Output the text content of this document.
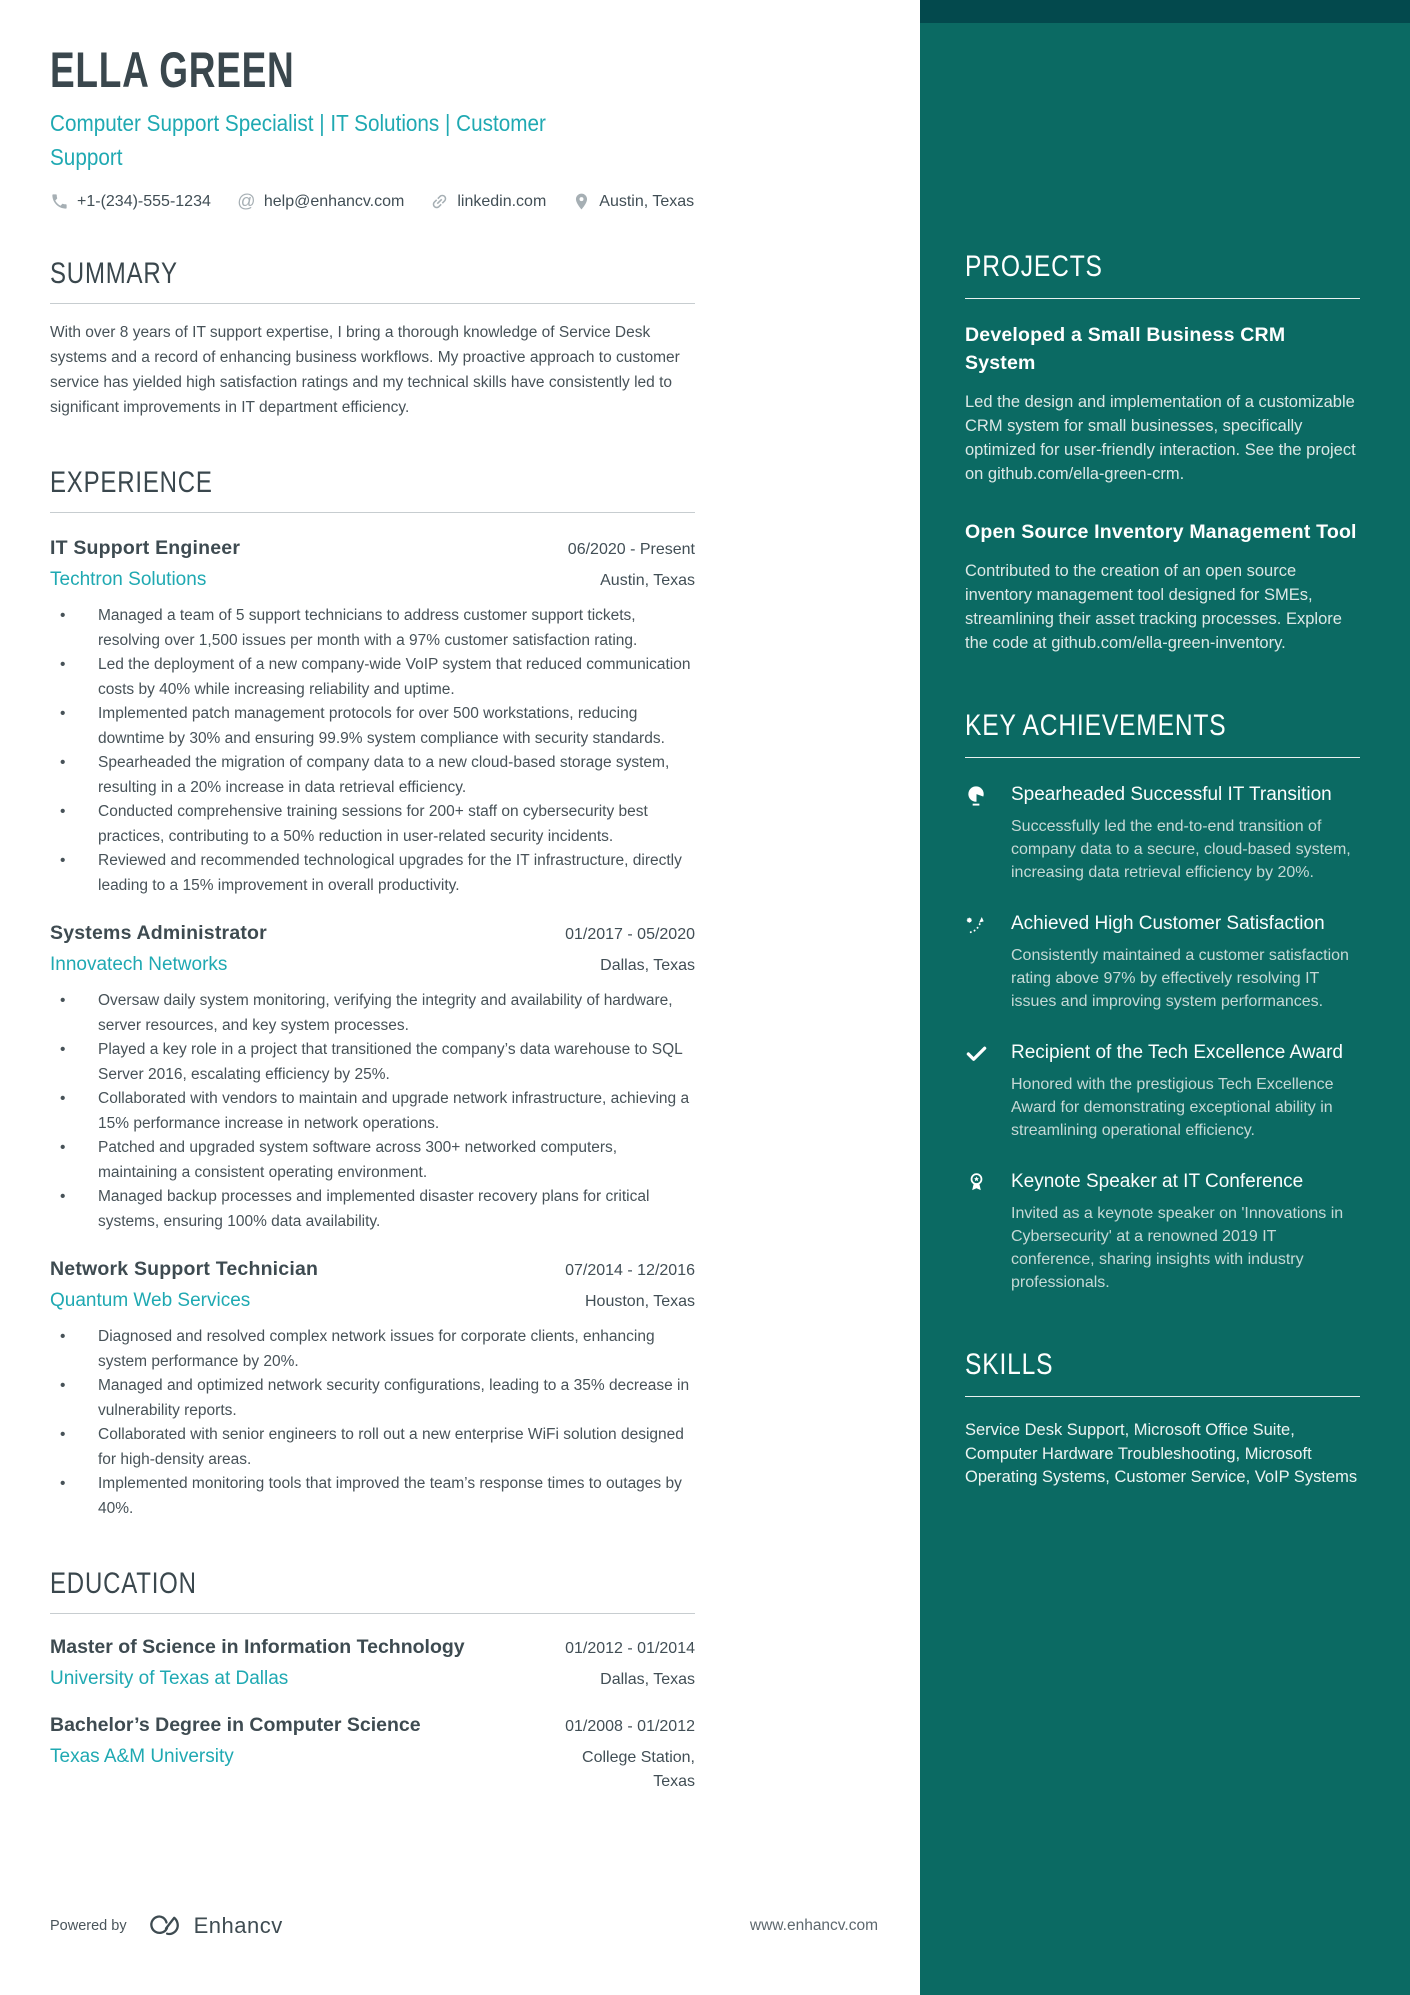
ELLA GREEN
Computer Support Specialist | IT Solutions | Customer Support
+1-(234)-555-1234 @ help@enhancv.com	linkedin.com	Austin, Texas
SUMMARY

With over 8 years of IT support expertise, I bring a thorough knowledge of Service Desk systems and a record of enhancing business workflows. My proactive approach to customer service has yielded high satisfaction ratings and my technical skills have consistently led to significant improvements in IT department efficiency.

EXPERIENCE
IT Support Engineer	06/2020 - Present
Techtron Solutions	Austin, Texas
• Managed a team of 5 support technicians to address customer support tickets, resolving over 1,500 issues per month with a 97% customer satisfaction rating.
• Led the deployment of a new company-wide VoIP system that reduced communication costs by 40% while increasing reliability and uptime.
• Implemented patch management protocols for over 500 workstations, reducing downtime by 30% and ensuring 99.9% system compliance with security standards.
• Spearheaded the migration of company data to a new cloud-based storage system, resulting in a 20% increase in data retrieval efficiency.
• Conducted comprehensive training sessions for 200+ staff on cybersecurity best practices, contributing to a 50% reduction in user-related security incidents.
• Reviewed and recommended technological upgrades for the IT infrastructure, directly leading to a 15% improvement in overall productivity.
Systems Administrator	01/2017 - 05/2020
Innovatech Networks	Dallas, Texas
• Oversaw daily system monitoring, verifying the integrity and availability of hardware, server resources, and key system processes.
• Played a key role in a project that transitioned the company’s data warehouse to SQL Server 2016, escalating efficiency by 25%.
• Collaborated with vendors to maintain and upgrade network infrastructure, achieving a 15% performance increase in network operations.
• Patched and upgraded system software across 300+ networked computers, maintaining a consistent operating environment.
• Managed backup processes and implemented disaster recovery plans for critical systems, ensuring 100% data availability.
Network Support Technician	07/2014 - 12/2016
Quantum Web Services	Houston, Texas
• Diagnosed and resolved complex network issues for corporate clients, enhancing system performance by 20%.
• Managed and optimized network security configurations, leading to a 35% decrease in vulnerability reports.
• Collaborated with senior engineers to roll out a new enterprise WiFi solution designed for high-density areas.
• Implemented monitoring tools that improved the team’s response times to outages by 40%.
EDUCATION
Master of Science in Information Technology	01/2012 - 01/2014
University of Texas at Dallas	Dallas, Texas
Bachelor’s Degree in Computer Science	01/2008 - 01/2012
Texas A&M University	College Station, Texas
PROJECTS
Developed a Small Business CRM System

Led the design and implementation of a customizable CRM system for small businesses, specifically optimized for user-friendly interaction. See the project on github.com/ella-green-crm.

Open Source Inventory Management Tool

Contributed to the creation of an open source inventory management tool designed for SMEs, streamlining their asset tracking processes. Explore the code at github.com/ella-green-inventory.

KEY ACHIEVEMENTS
Spearheaded Successful IT Transition
Successfully led the end-to-end transition of company data to a secure, cloud-based system, increasing data retrieval efficiency by 20%.
Achieved High Customer Satisfaction
Consistently maintained a customer satisfaction rating above 97% by effectively resolving IT issues and improving system performances.
Recipient of the Tech Excellence Award
Honored with the prestigious Tech Excellence Award for demonstrating exceptional ability in streamlining operational efficiency.
Keynote Speaker at IT Conference
Invited as a keynote speaker on 'Innovations in Cybersecurity' at a renowned 2019 IT conference, sharing insights with industry professionals.
SKILLS

Service Desk Support, Microsoft Office Suite, Computer Hardware Troubleshooting, Microsoft Operating Systems, Customer Service, VoIP Systems

Powered by	Enhancv	www.enhancv.com
